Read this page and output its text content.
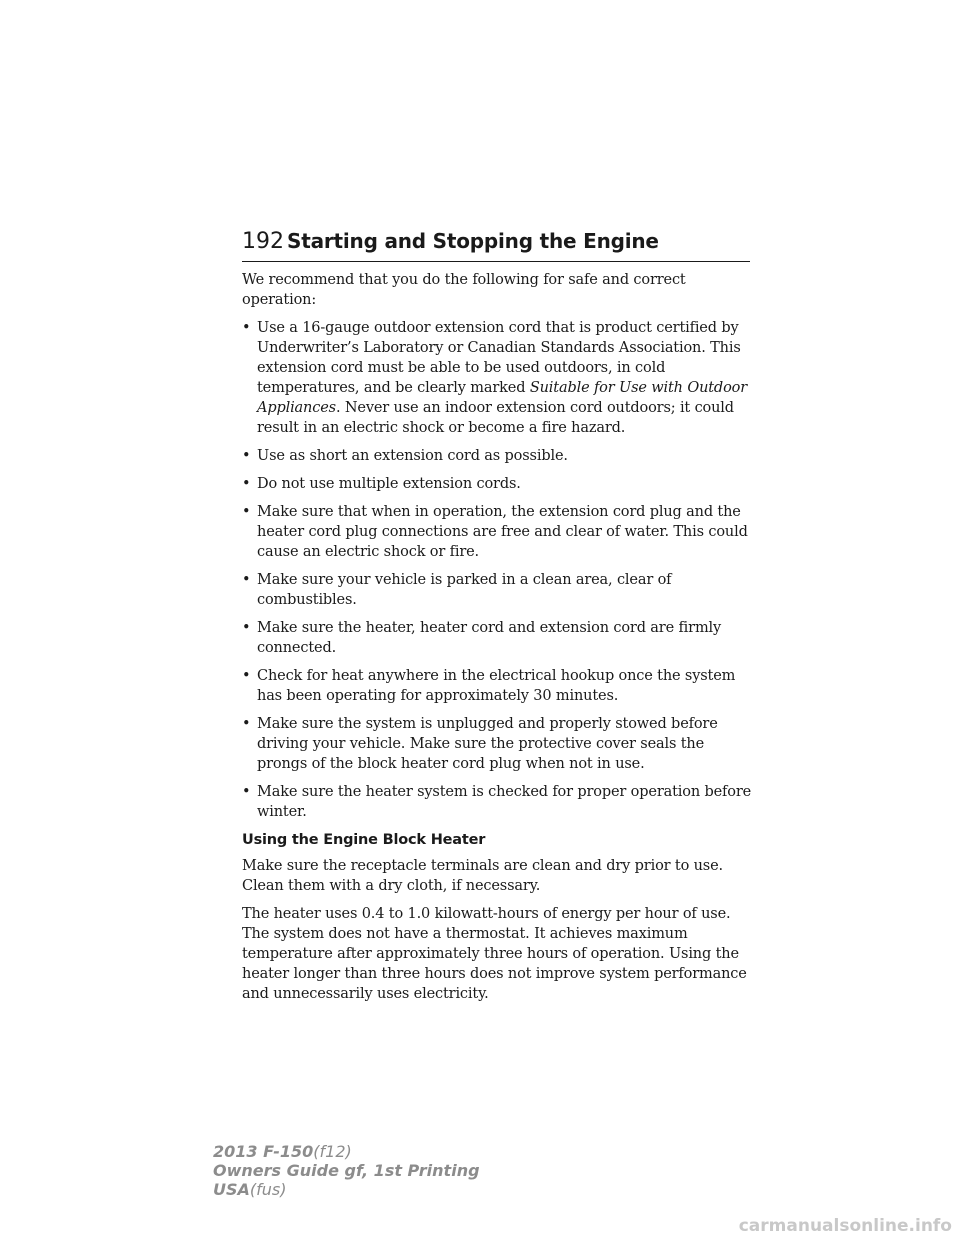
192 Starting and Stopping the Engine

We recommend that you do the following for safe and correct operation:

• Use a 16-gauge outdoor extension cord that is product certified by Underwriter’s Laboratory or Canadian Standards Association. This extension cord must be able to be used outdoors, in cold temperatures, and be clearly marked Suitable for Use with Outdoor Appliances. Never use an indoor extension cord outdoors; it could result in an electric shock or become a fire hazard.
• Use as short an extension cord as possible.
• Do not use multiple extension cords.
• Make sure that when in operation, the extension cord plug and the heater cord plug connections are free and clear of water. This could cause an electric shock or fire.
• Make sure your vehicle is parked in a clean area, clear of combustibles.
• Make sure the heater, heater cord and extension cord are firmly connected.
• Check for heat anywhere in the electrical hookup once the system has been operating for approximately 30 minutes.
• Make sure the system is unplugged and properly stowed before driving your vehicle. Make sure the protective cover seals the prongs of the block heater cord plug when not in use.
• Make sure the heater system is checked for proper operation before winter.
Using the Engine Block Heater

Make sure the receptacle terminals are clean and dry prior to use. Clean them with a dry cloth, if necessary.

The heater uses 0.4 to 1.0 kilowatt-hours of energy per hour of use. The system does not have a thermostat. It achieves maximum temperature after approximately three hours of operation. Using the heater longer than three hours does not improve system performance and unnecessarily uses electricity.

2013 F-150(f12)
Owners Guide gf, 1st Printing
USA(fus)
carmanualsonline.info
